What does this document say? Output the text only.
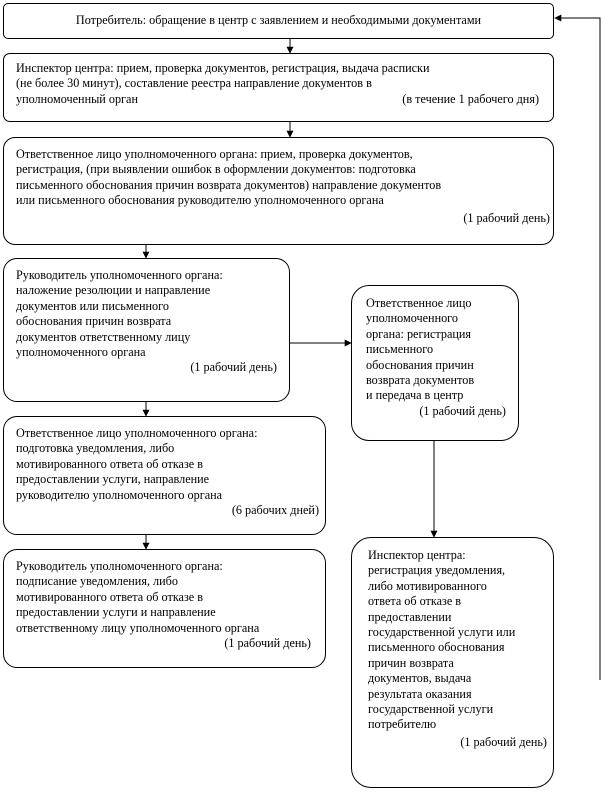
Потребитель: обращение в центр с заявлением и необходимыми документами
Инспектор центра: прием, проверка документов, регистрация, выдача расписки
(не более 30 минут), составление реестра направление документов в
уполномоченный орган	(в течение 1 рабочего дня)
Ответственное лицо уполномоченного органа: прием, проверка документов,
регистрация, (при выявлении ошибок в оформлении документов: подготовка
письменного обоснования причин возврата документов) направление документов
или письменного обоснования руководителю уполномоченного органа
(1 рабочий день)
Руководитель уполномоченного органа:
наложение резолюции и направление
документов или письменного
обоснования причин возврата
документов ответственному лицу
уполномоченного органа
(1 рабочий день)
Ответственное лицо
уполномоченного
органа: регистрация
письменного
обоснования причин
возврата документов
и передача в центр
(1 рабочий день)
Ответственное лицо уполномоченного органа:
подготовка уведомления, либо
мотивированного ответа об отказе в
предоставлении услуги, направление
руководителю уполномоченного органа
(6 рабочих дней)
Руководитель уполномоченного органа:
подписание уведомления, либо
мотивированного ответа об отказе в
предоставлении услуги и направление
ответственному лицу уполномоченного органа
(1 рабочий день)
Инспектор центра:
регистрация уведомления,
либо мотивированного
ответа об отказе в
предоставлении
государственной услуги или
письменного обоснования
причин возврата
документов, выдача
результата оказания
государственной услуги
потребителю
(1 рабочий день)
